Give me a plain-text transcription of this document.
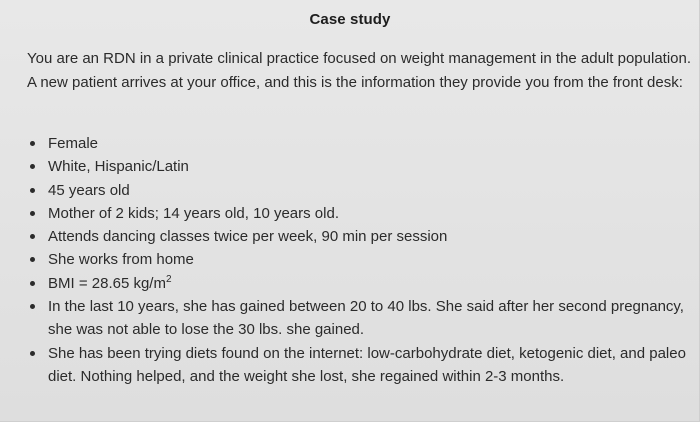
Case study

You are an RDN in a private clinical practice focused on weight management in the adult population. A new patient arrives at your office, and this is the information they provide you from the front desk:

Female
White, Hispanic/Latin
45 years old
Mother of 2 kids; 14 years old, 10 years old.
Attends dancing classes twice per week, 90 min per session
She works from home
BMI = 28.65 $kg/m^2$
In the last 10 years, she has gained between 20 to 40 lbs. She said after her second pregnancy, she was not able to lose the 30 lbs. she gained.
She has been trying diets found on the internet: low-carbohydrate diet, ketogenic diet, and paleo diet. Nothing helped, and the weight she lost, she regained within 2-3 months.
